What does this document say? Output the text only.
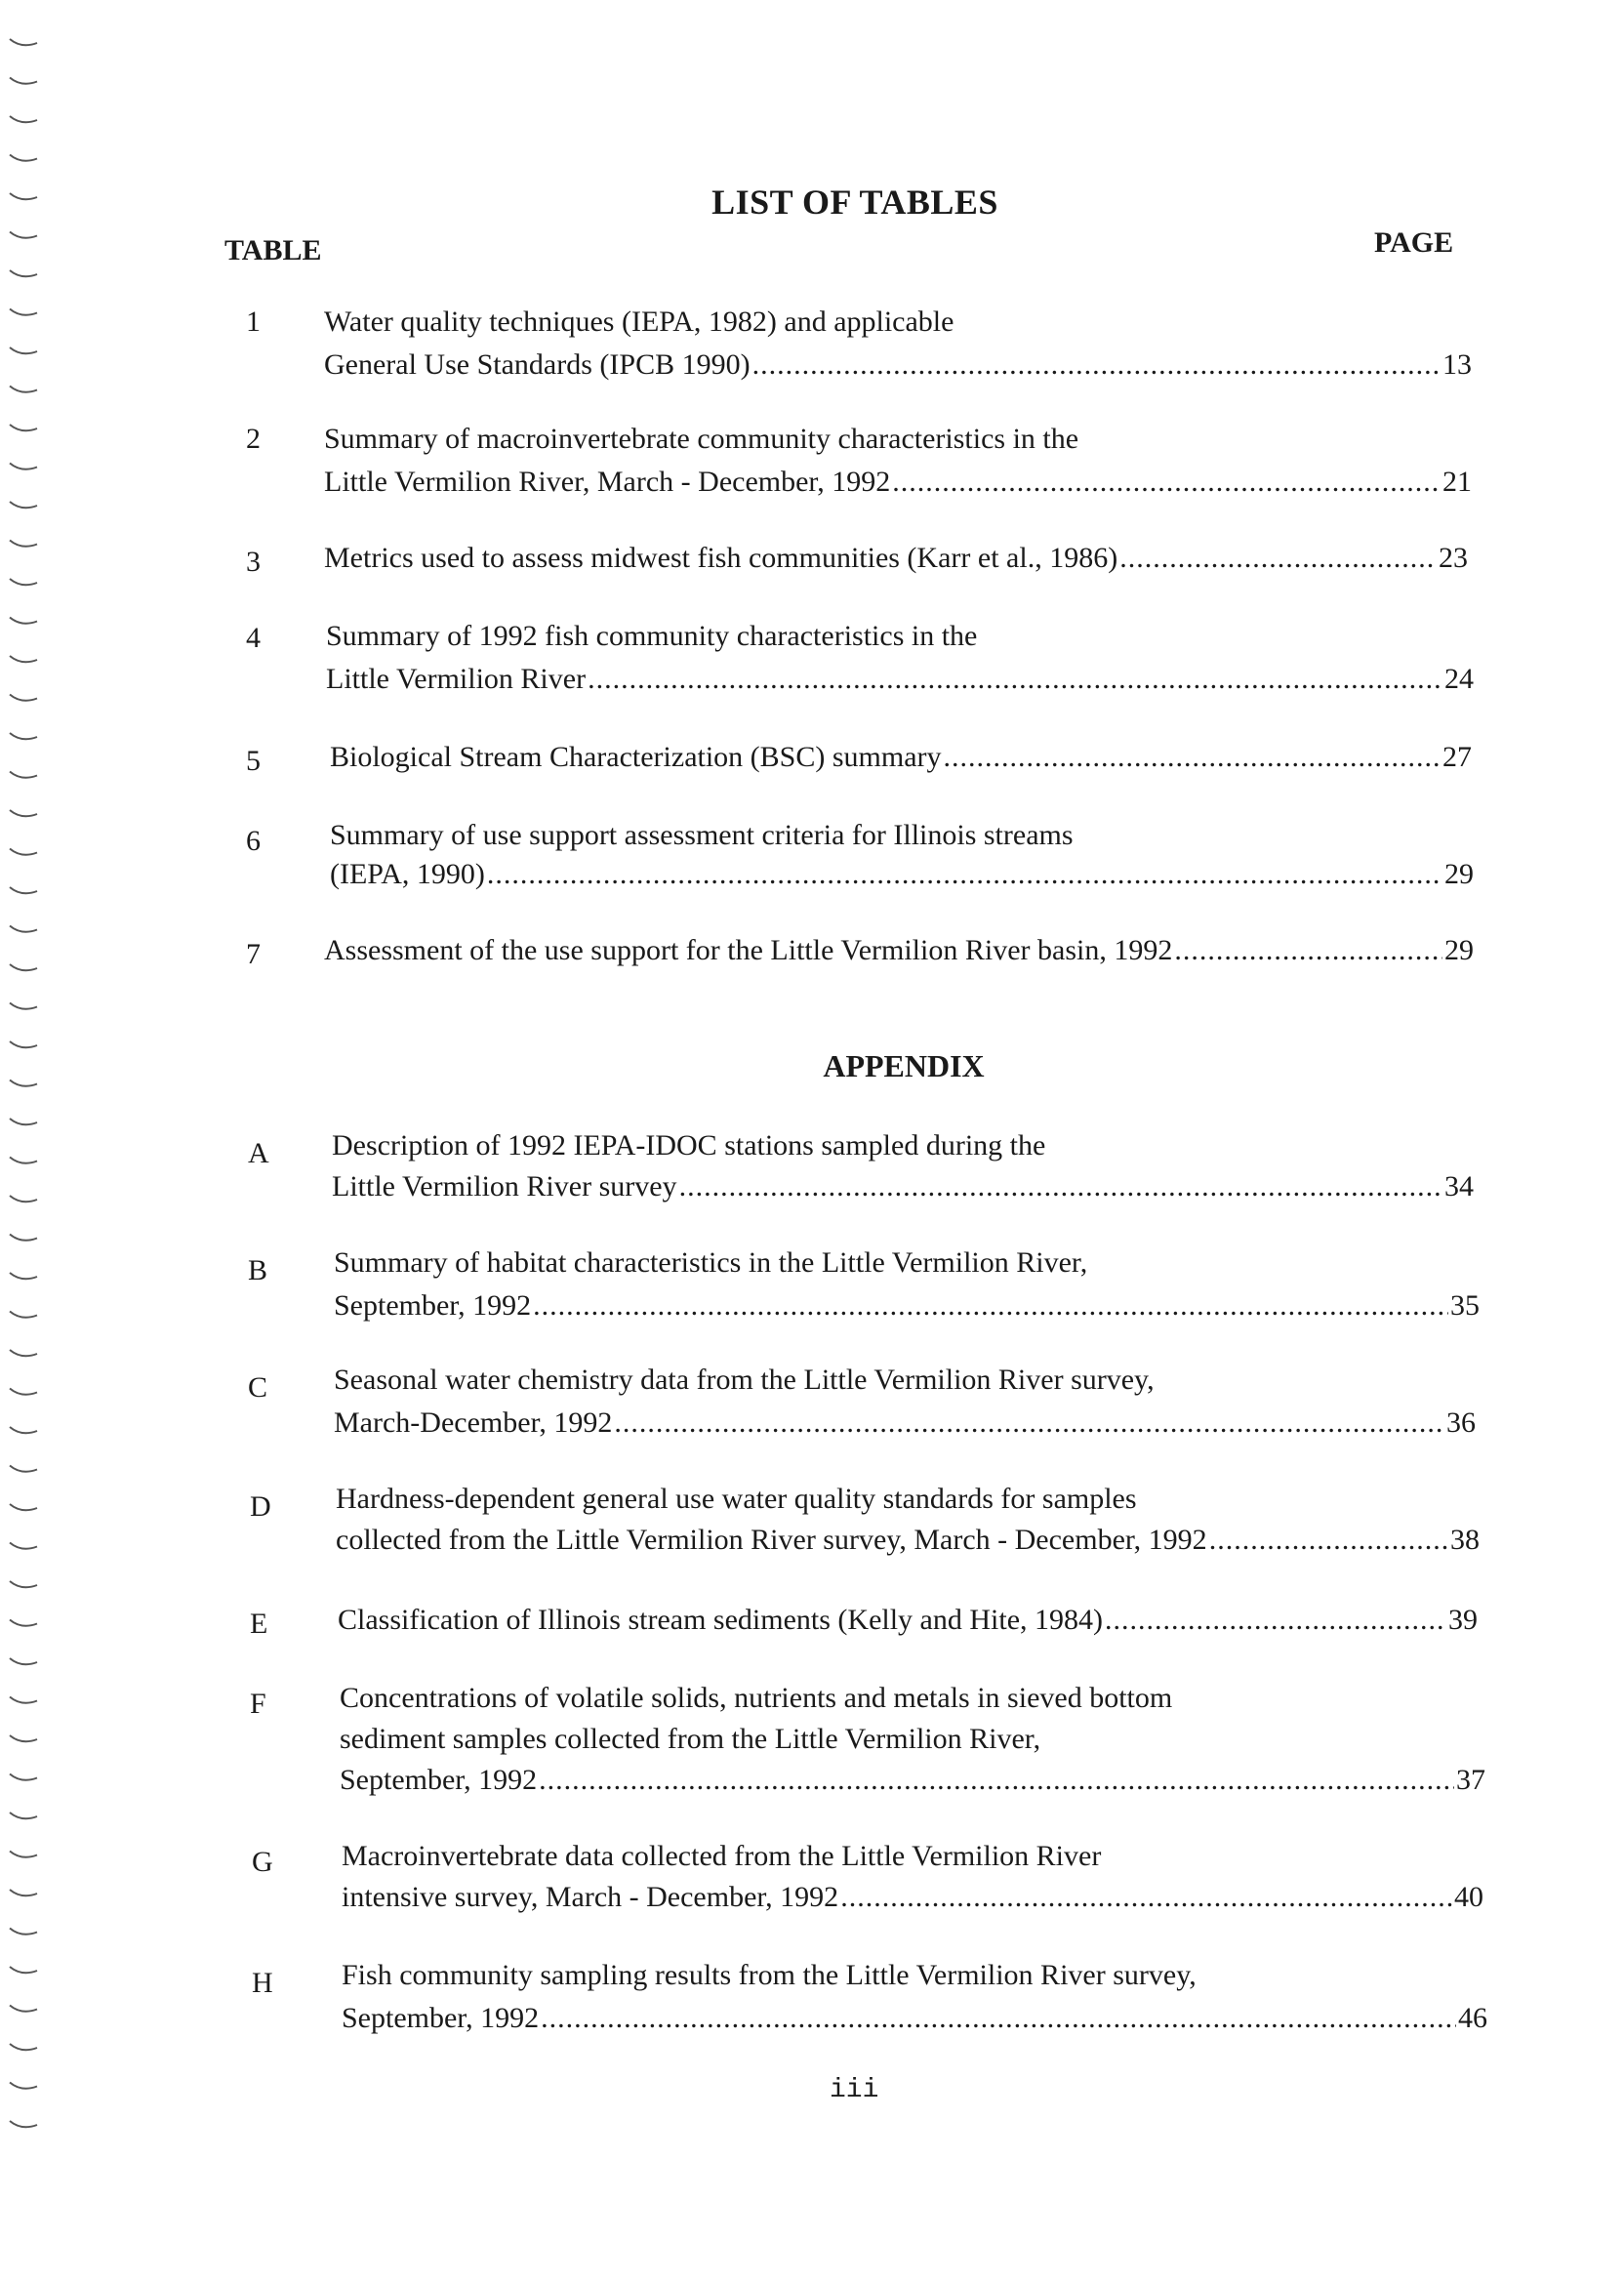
LIST OF TABLES
TABLE	PAGE
1	Water quality techniques (IEPA, 1982) and applicable
General Use Standards (IPCB 1990) .....	13
2	Summary of macroinvertebrate community characteristics in the
Little Vermilion River, March - December, 1992 .....	21
3	Metrics used to assess midwest fish communities (Karr et al., 1986) .....	23
4	Summary of 1992 fish community characteristics in the
Little Vermilion River .....	24
5	Biological Stream Characterization (BSC) summary .....	27
6	Summary of use support assessment criteria for Illinois streams
(IEPA, 1990) .....	29
7	Assessment of the use support for the Little Vermilion River basin, 1992 .....	29
APPENDIX
A	Description of 1992 IEPA-IDOC stations sampled during the
Little Vermilion River survey .....	34
B	Summary of habitat characteristics in the Little Vermilion River,
September, 1992 .....	35
C	Seasonal water chemistry data from the Little Vermilion River survey,
March-December, 1992 .....	36
D	Hardness-dependent general use water quality standards for samples
collected from the Little Vermilion River survey, March - December, 1992 .....	38
E	Classification of Illinois stream sediments (Kelly and Hite, 1984) .....	39
F	Concentrations of volatile solids, nutrients and metals in sieved bottom
sediment samples collected from the Little Vermilion River,
September, 1992 .....	37
G	Macroinvertebrate data collected from the Little Vermilion River
intensive survey, March - December, 1992 .....	40
H	Fish community sampling results from the Little Vermilion River survey,
September, 1992 .....	46
iii
